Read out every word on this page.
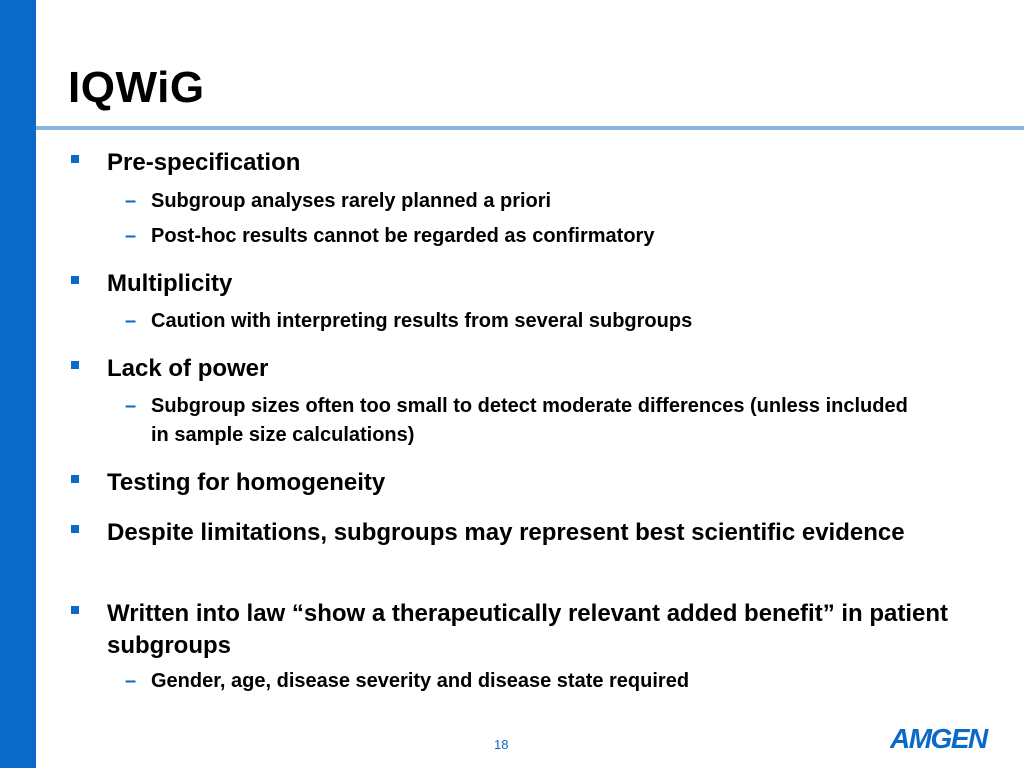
IQWiG
Pre-specification
– Subgroup analyses rarely planned a priori
– Post-hoc results cannot be regarded as confirmatory
Multiplicity
– Caution with interpreting results from several subgroups
Lack of power
– Subgroup sizes often too small to detect moderate differences (unless included in sample size calculations)
Testing for homogeneity
Despite limitations, subgroups may represent best scientific evidence
Written into law “show a therapeutically relevant added benefit” in patient subgroups
– Gender, age, disease severity and disease state required
18	AMGEN
